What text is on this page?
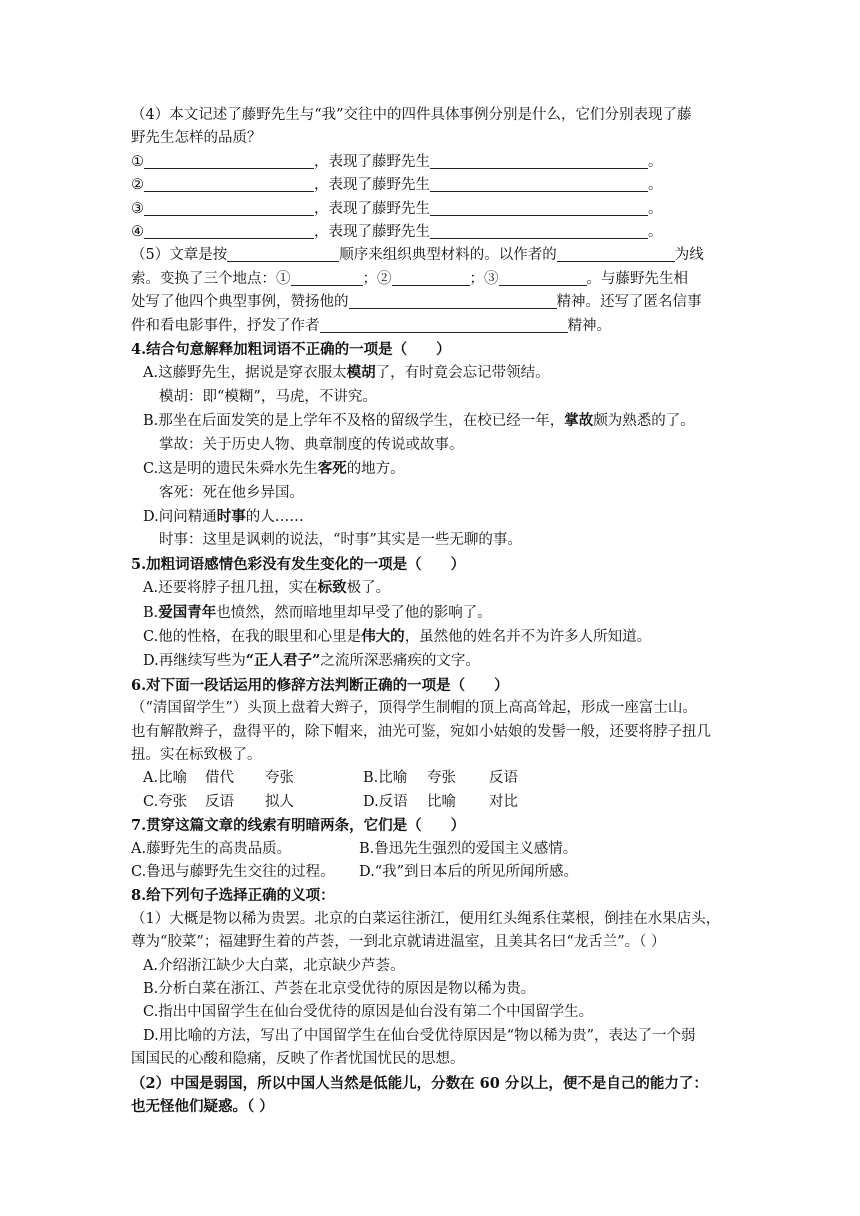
（4）本文记述了藤野先生与“我”交往中的四件具体事例分别是什么，它们分别表现了藤
野先生怎样的品质？
①	，表现了藤野先生	。
②	，表现了藤野先生	。
③	，表现了藤野先生	。
④	，表现了藤野先生	。
（5）文章是按	顺序来组织典型材料的。以作者的	为线
索。变换了三个地点：①	；②	；③	。与藤野先生相
处写了他四个典型事例，赞扬他的	精神。还写了匿名信事
件和看电影事件，抒发了作者	精神。
4.结合句意解释加粗词语不正确的一项是（　　）
A.这藤野先生，据说是穿衣服太模胡了，有时竟会忘记带领结。
模胡：即“模糊”，马虎，不讲究。
B.那坐在后面发笑的是上学年不及格的留级学生，在校已经一年，掌故颇为熟悉的了。
掌故：关于历史人物、典章制度的传说或故事。
C.这是明的遗民朱舜水先生客死的地方。
客死：死在他乡异国。
D.问问精通时事的人……
时事：这里是讽刺的说法，“时事”其实是一些无聊的事。
5.加粗词语感情色彩没有发生变化的一项是（　　）
A.还要将脖子扭几扭，实在标致极了。
B.爱国青年也愤然，然而暗地里却早受了他的影响了。
C.他的性格，在我的眼里和心里是伟大的，虽然他的姓名并不为许多人所知道。
D.再继续写些为“正人君子”之流所深恶痛疾的文字。
6.对下面一段话运用的修辞方法判断正确的一项是（　　）
（“清国留学生”）头顶上盘着大辫子，顶得学生制帽的顶上高高耸起，形成一座富士山。
也有解散辫子，盘得平的，除下帽来，油光可鉴，宛如小姑娘的发髻一般，还要将脖子扭几
扭。实在标致极了。
A.比喻 借代 夸张	B.比喻 夸张 反语
C.夸张 反语 拟人	D.反语 比喻 对比
7.贯穿这篇文章的线索有明暗两条，它们是（　　）
A.藤野先生的高贵品质。	B.鲁迅先生强烈的爱国主义感情。
C.鲁迅与藤野先生交往的过程。 D.“我”到日本后的所见所闻所感。
8.给下列句子选择正确的义项：
（1）大概是物以稀为贵罢。北京的白菜运往浙江，便用红头绳系住菜根，倒挂在水果店头，
尊为“胶菜”；福建野生着的芦荟，一到北京就请进温室，且美其名曰“龙舌兰”。（ ）
A.介绍浙江缺少大白菜，北京缺少芦荟。
B.分析白菜在浙江、芦荟在北京受优待的原因是物以稀为贵。
C.指出中国留学生在仙台受优待的原因是仙台没有第二个中国留学生。
D.用比喻的方法，写出了中国留学生在仙台受优待原因是“物以稀为贵”，表达了一个弱
国国民的心酸和隐痛，反映了作者忧国忧民的思想。
（2）中国是弱国，所以中国人当然是低能儿，分数在 60 分以上，便不是自己的能力了：
也无怪他们疑惑。（ ）
